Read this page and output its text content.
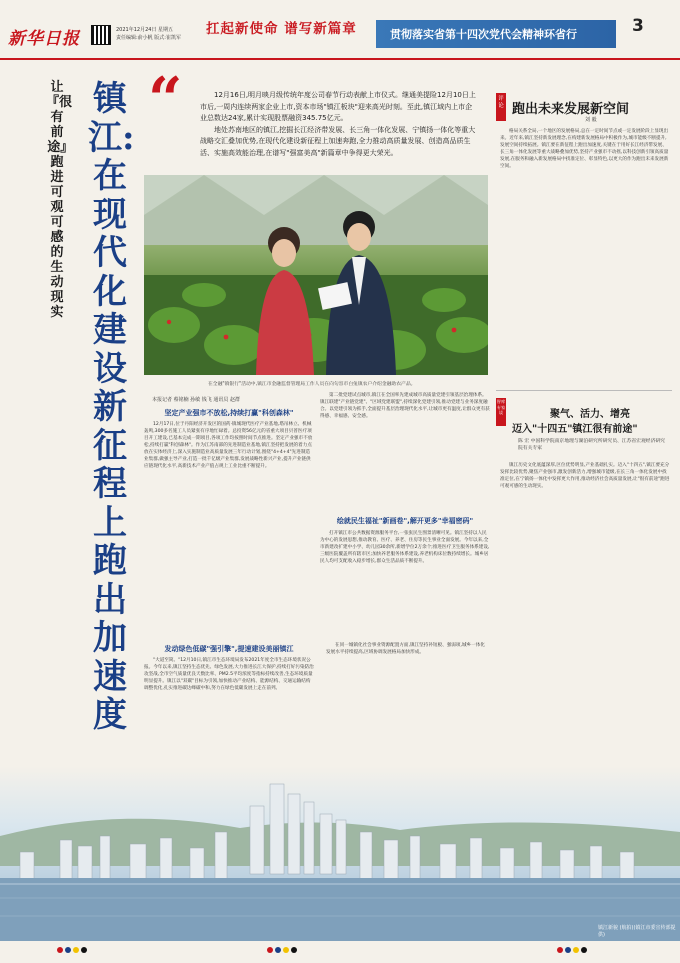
新华日报	2021年12月24日 星期五
责任编辑:俞小帆 版式:崔凯军
扛起新使命 谱写新篇章	贯彻落实省第十四次党代会精神环省行	3
让『很有前途』跑进可观可感的生动现实
镇江:在现代化建设新征程上跑出加速度
“	12月16日,明月映月级传统年度公司春节行动表献上市仪式。继通美提险12月10日上市后,一周内连续两家企业上市,资本市场"镇江板块"迎来高光时刻。至此,镇江域内上市企业总数达24家,累计实现股票融资345.75亿元。

地处苏南地区的镇江,挖掘长江经济带发展、长三角一体化发展、宁镇扬一体化等重大战略交汇叠加优势,在现代化建设新征程上加速奔跑,全力推动高质量发展、创造高品质生活、实施高效能治理,在谱写"强富美高"新篇章中争得更大荣光。

在全融"镇银行"活动中,镇江市金融监督管理局工作人员在向句容市白兔镇农户介绍金融助农产品。
本报记者 蔡铭楠 孙敏 钱飞 通讯员 赵群
坚定产业强市不放松,持续打赢"科创森林"
12月17日,位于丹阳经济开发区的国药·镇城现代医疗产业基地,塔吊林立、机械轰鸣,300多名施工人员紧张有序地忙碌着。总投资56亿元的省重大项目贝普医疗项目开工建设,已基本完成一期项目,各项工作均按照时间节点推进。坚定产业强市不放松,持续打赢"科创森林"。作为江苏南部的先进制造业基地,镇江坚持把发展的着力点放在实体经济上,深入实施制造业高质量发展三年行动计划,围绕"4+4+4"先进制造业集群,做强主导产业,打造一批千亿级产业集群,发展战略性新兴产业,提升产业链供应链现代化水平,高新技术产业产值占规上工业比重不断提升。
发动绿色低碳"强引擎",提速建设美丽镇江
"大道至简。"12月10日,镇江市生态环境局发布2021年度全市生态环境状况公报。今年以来,镇江坚持生态优先、绿色发展,大力推进长江大保护,持续打好污染防治攻坚战,全市空气质量优良天数比率、PM2.5平均浓度等指标持续改善,生态环境质量明显提升。镇江以"双碳"目标为引领,加快推动产业结构、能源结构、交通运输结构调整优化,扎实推进碳达峰碳中和,努力在绿色低碳发展上走在前列。
第二批党建试点城市,镇江在全国率先建成城市高质量党建引领基层治理体系。镇江联建"产业链党建"、"区域党建联盟",持续深化党建引领,推动党建与业务深度融合。以党建引领为抓手,全面提升基层治理现代化水平,让城市更有温度,让群众更有获得感、幸福感、安全感。
绘就民生福祉"新画卷",解开更多"幸福密码"
打开镇江市公共数据资源服务平台,一张张民生图景清晰可见。镇江坚持以人民为中心的发展思想,推动教育、医疗、养老、住房等民生事业全面发展。今年以来,全市新建改扩建中小学、幼儿园30余所,新增学位2万余个;推进医疗卫生服务体系建设,三级医院覆盖所有辖市区;加快养老服务体系建设,养老机构床位数持续增长。城乡居民人均可支配收入稳步增长,群众生活品质不断提升。
在同一城镇化社会事业资源配置方面,镇江坚持补短板、强弱项,城乡一体化发展水平持续提高,区域协调发展格局加快形成。
评论 跑出未来发展新空间
刘 毅
格局关系全局,一个地区的发展格局,总在一定时间节点或一定发展阶段上显现出来。近年来,镇江坚持新发展理念,在构建新发展格局中积极作为,城市能级不断提升,发展空间持续拓展。镇江要在新征程上跑出加速度,关键在于用好长江经济带发展、长三角一体化发展等重大战略叠加优势,坚持产业强市不动摇,以科技创新引领高质量发展,在服务和融入新发展格局中找准定位、彰显特色,以更大的作为跑出未来发展新空间。
智库专家谈	聚气、活力、增亮
迈入"十四五"镇江很有前途"
陈 宏 中国科学院南京地理与湖泊研究所研究员、江苏省宏观经济研究院有关专家
镇江历史文化底蕴深厚,区位优势明显,产业基础扎实。迈入"十四五",镇江要充分发挥比较优势,聚焦产业强市,激发创新活力,增强城市能级,在长三角一体化发展中找准定位,在宁镇扬一体化中发挥更大作用,推动经济社会高质量发展,让"很有前途"跑进可观可感的生动现实。
镇江新貌 (航拍)(镇江市委宣传部提供)
